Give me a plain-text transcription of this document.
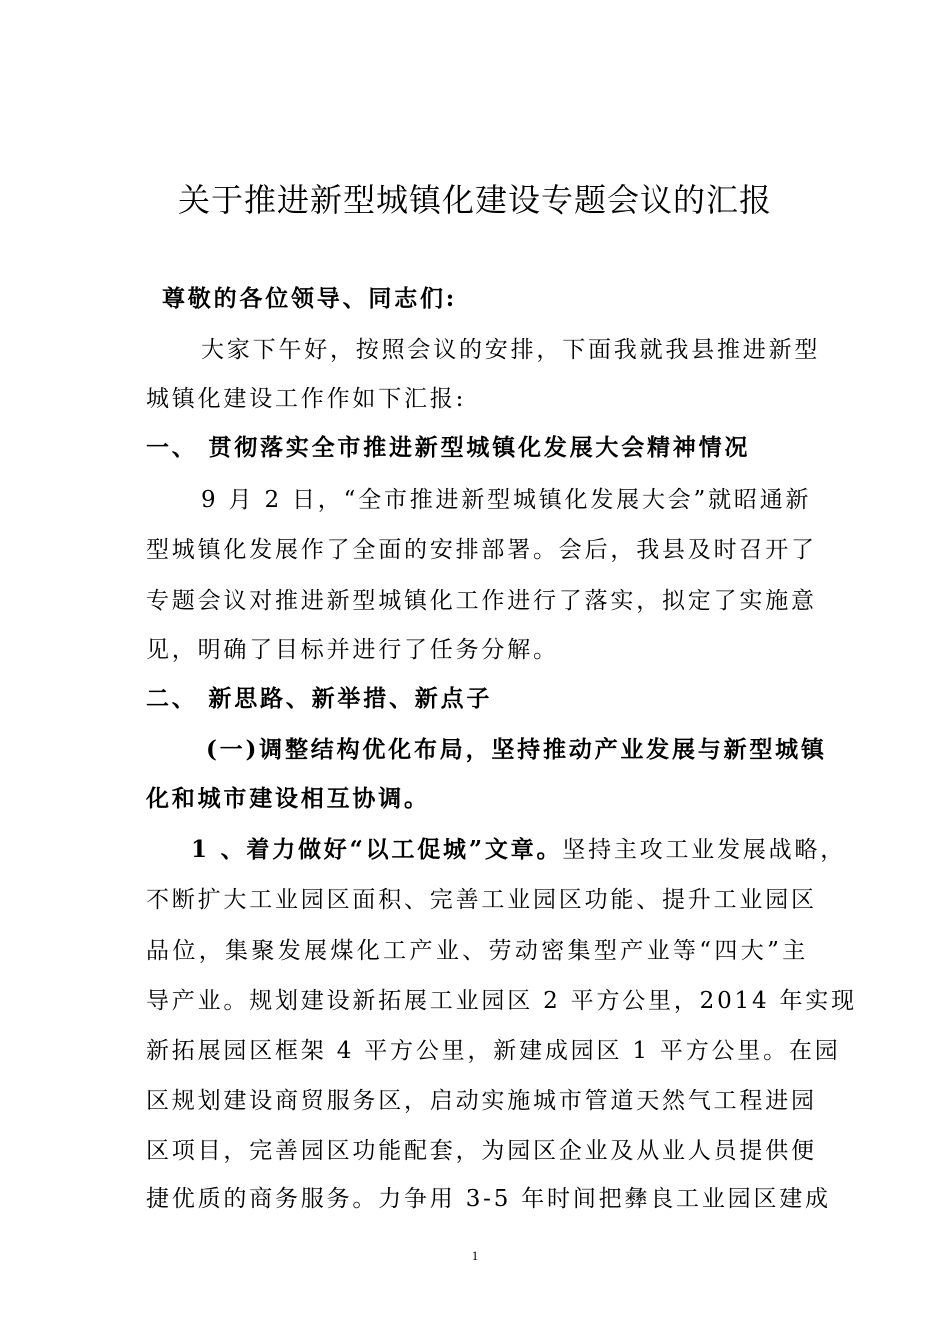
关于推进新型城镇化建设专题会议的汇报
尊敬的各位领导、同志们:
大家下午好，按照会议的安排，下面我就我县推进新型
城镇化建设工作作如下汇报:
一、 贯彻落实全市推进新型城镇化发展大会精神情况
9 月 2 日，“全市推进新型城镇化发展大会”就昭通新
型城镇化发展作了全面的安排部署。会后，我县及时召开了
专题会议对推进新型城镇化工作进行了落实，拟定了实施意
见，明确了目标并进行了任务分解。
二、 新思路、新举措、新点子
(一)调整结构优化布局，坚持推动产业发展与新型城镇
化和城市建设相互协调。
1 、着力做好“以工促城”文章。坚持主攻工业发展战略，
不断扩大工业园区面积、完善工业园区功能、提升工业园区
品位，集聚发展煤化工产业、劳动密集型产业等“四大”主
导产业。规划建设新拓展工业园区 2 平方公里，2014 年实现
新拓展园区框架 4 平方公里，新建成园区 1 平方公里。在园
区规划建设商贸服务区，启动实施城市管道天然气工程进园
区项目，完善园区功能配套，为园区企业及从业人员提供便
捷优质的商务服务。力争用 3-5 年时间把彝良工业园区建成
1
